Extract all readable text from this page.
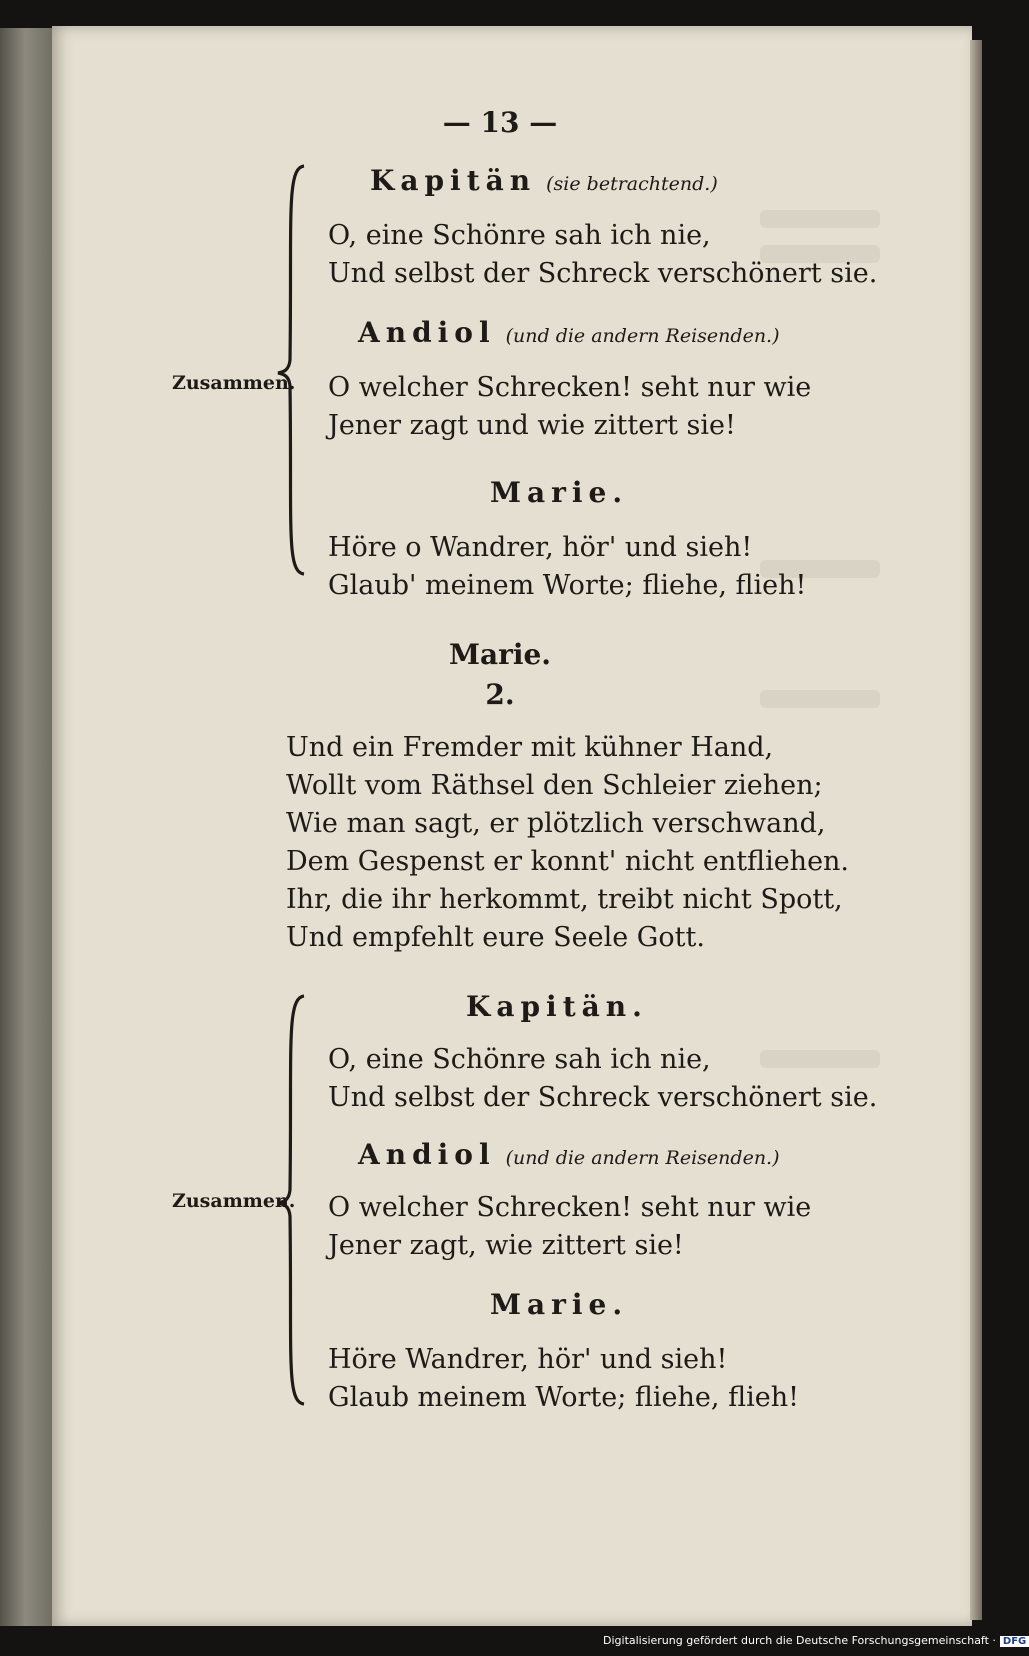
— 13 —
Zusammen.
Kapitän (sie betrachtend.)
O, eine Schönre sah ich nie,
Und selbst der Schreck verschönert sie.
Andiol (und die andern Reisenden.)
O welcher Schrecken! seht nur wie
Jener zagt und wie zittert sie!
Marie.
Höre o Wandrer, hör' und sieh!
Glaub' meinem Worte; fliehe, flieh!
Marie.
2.
Und ein Fremder mit kühner Hand,
Wollt vom Räthsel den Schleier ziehen;
Wie man sagt, er plötzlich verschwand,
Dem Gespenst er konnt' nicht entfliehen.
Ihr, die ihr herkommt, treibt nicht Spott,
Und empfehlt eure Seele Gott.
Zusammen.
Kapitän.
O, eine Schönre sah ich nie,
Und selbst der Schreck verschönert sie.
Andiol (und die andern Reisenden.)
O welcher Schrecken! seht nur wie
Jener zagt, wie zittert sie!
Marie.
Höre Wandrer, hör' und sieh!
Glaub meinem Worte; fliehe, flieh!
Digitalisierung gefördert durch die Deutsche Forschungsgemeinschaft · DFG
